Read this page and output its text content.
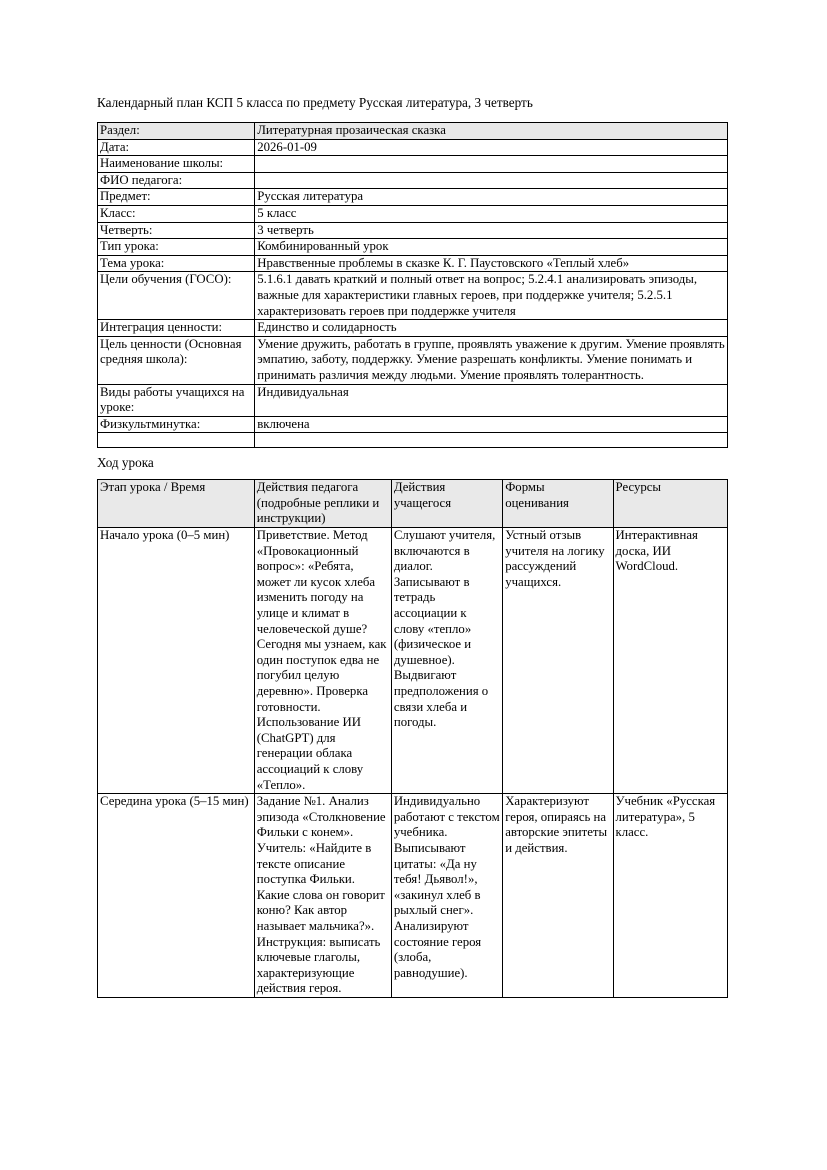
Календарный план КСП 5 класса по предмету Русская литература, 3 четверть
Раздел:	Литературная прозаическая сказка
Дата:	2026-01-09
Наименование школы:	
ФИО педагога:	
Предмет:	Русская литература
Класс:	5 класс
Четверть:	3 четверть
Тип урока:	Комбинированный урок
Тема урока:	Нравственные проблемы в сказке К. Г. Паустовского «Теплый хлеб»
Цели обучения (ГОСО):	5.1.6.1 давать краткий и полный ответ на вопрос; 5.2.4.1 анализировать эпизоды, важные для характеристики главных героев, при поддержке учителя; 5.2.5.1 характеризовать героев при поддержке учителя
Интеграция ценности:	Единство и солидарность
Цель ценности (Основная средняя школа):	Умение дружить, работать в группе, проявлять уважение к другим. Умение проявлять эмпатию, заботу, поддержку. Умение разрешать конфликты. Умение понимать и принимать различия между людьми. Умение проявлять толерантность.
Виды работы учащихся на уроке:	Индивидуальная
Физкультминутка:	включена

Ход урока
Этап урока / Время	Действия педагога (подробные реплики и инструкции)	Действия учащегося	Формы оценивания	Ресурсы
Начало урока (0–5 мин)	Приветствие. Метод «Провокационный вопрос»: «Ребята, может ли кусок хлеба изменить погоду на улице и климат в человеческой душе? Сегодня мы узнаем, как один поступок едва не погубил целую деревню». Проверка готовности. Использование ИИ (ChatGPT) для генерации облака ассоциаций к слову «Тепло».	Слушают учителя, включаются в диалог. Записывают в тетрадь ассоциации к слову «тепло» (физическое и душевное). Выдвигают предположения о связи хлеба и погоды.	Устный отзыв учителя на логику рассуждений учащихся.	Интерактивная доска, ИИ WordCloud.
Середина урока (5–15 мин)	Задание №1. Анализ эпизода «Столкновение Фильки с конем». Учитель: «Найдите в тексте описание поступка Фильки. Какие слова он говорит коню? Как автор называет мальчика?». Инструкция: выписать ключевые глаголы, характеризующие действия героя.	Индивидуально работают с текстом учебника. Выписывают цитаты: «Да ну тебя! Дьявол!», «закинул хлеб в рыхлый снег». Анализируют состояние героя (злоба, равнодушие).	Характеризуют героя, опираясь на авторские эпитеты и действия.	Учебник «Русская литература», 5 класс.
